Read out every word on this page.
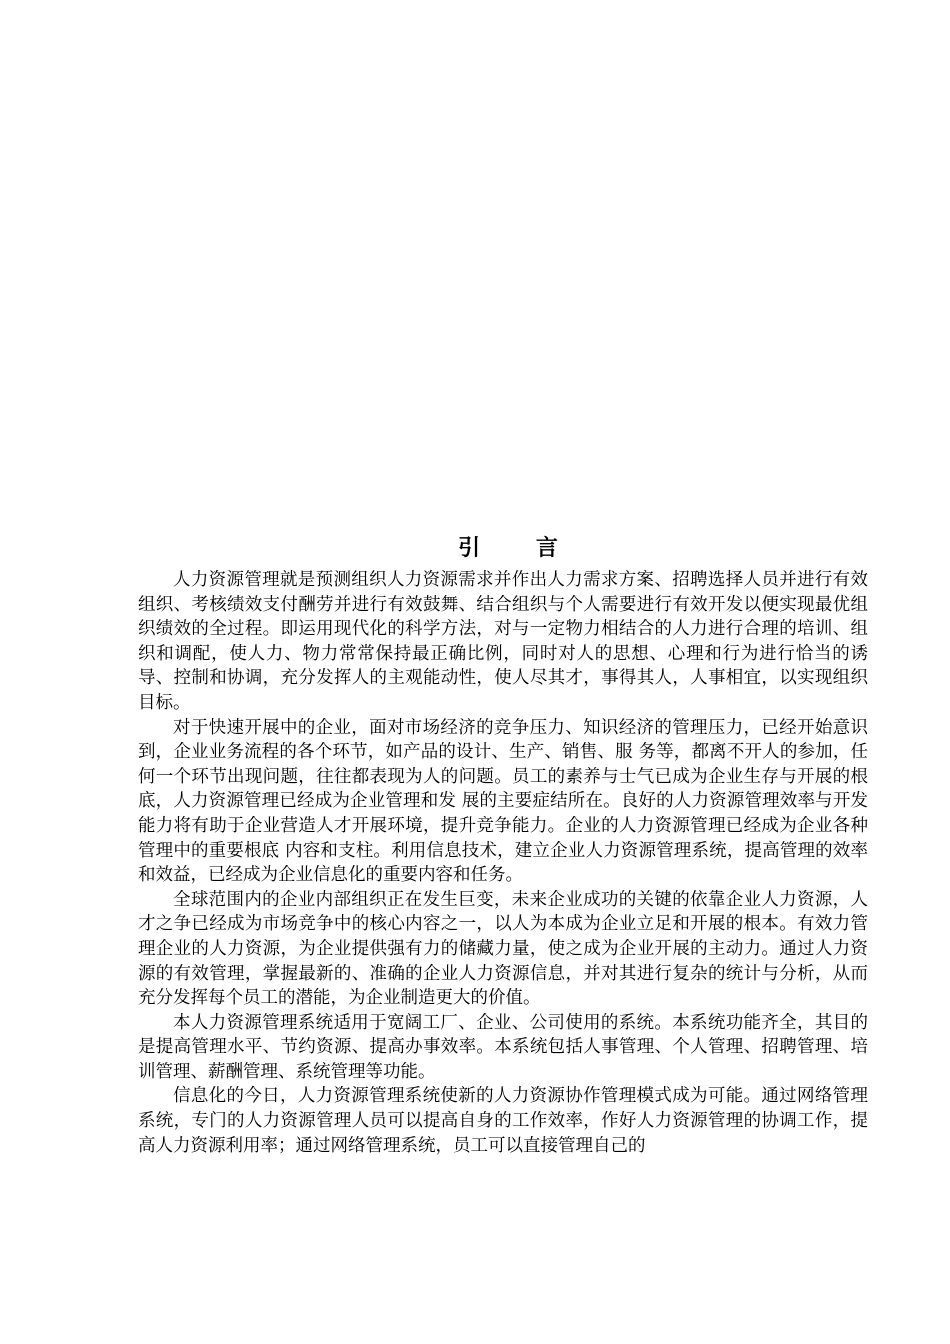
引 言

人力资源管理就是预测组织人力资源需求并作出人力需求方案、招聘选择人员并进行有效组织、考核绩效支付酬劳并进行有效鼓舞、结合组织与个人需要进行有效开发以便实现最优组织绩效的全过程。即运用现代化的科学方法，对与一定物力相结合的人力进行合理的培训、组织和调配，使人力、物力常常保持最正确比例，同时对人的思想、心理和行为进行恰当的诱导、控制和协调，充分发挥人的主观能动性，使人尽其才，事得其人，人事相宜，以实现组织目标。

对于快速开展中的企业，面对市场经济的竞争压力、知识经济的管理压力，已经开始意识到，企业业务流程的各个环节，如产品的设计、生产、销售、服 务等，都离不开人的参加，任何一个环节出现问题，往往都表现为人的问题。员工的素养与士气已成为企业生存与开展的根底，人力资源管理已经成为企业管理和发 展的主要症结所在。良好的人力资源管理效率与开发能力将有助于企业营造人才开展环境，提升竞争能力。企业的人力资源管理已经成为企业各种管理中的重要根底 内容和支柱。利用信息技术，建立企业人力资源管理系统，提高管理的效率和效益，已经成为企业信息化的重要内容和任务。

全球范围内的企业内部组织正在发生巨变，未来企业成功的关键的依靠企业人力资源，人才之争已经成为市场竞争中的核心内容之一，以人为本成为企业立足和开展的根本。有效力管理企业的人力资源，为企业提供强有力的储藏力量，使之成为企业开展的主动力。通过人力资源的有效管理，掌握最新的、准确的企业人力资源信息，并对其进行复杂的统计与分析，从而充分发挥每个员工的潜能，为企业制造更大的价值。

本人力资源管理系统适用于宽阔工厂、企业、公司使用的系统。本系统功能齐全，其目的是提高管理水平、节约资源、提高办事效率。本系统包括人事管理、个人管理、招聘管理、培训管理、薪酬管理、系统管理等功能。

信息化的今日，人力资源管理系统使新的人力资源协作管理模式成为可能。通过网络管理系统，专门的人力资源管理人员可以提高自身的工作效率，作好人力资源管理的协调工作，提高人力资源利用率；通过网络管理系统，员工可以直接管理自己的
